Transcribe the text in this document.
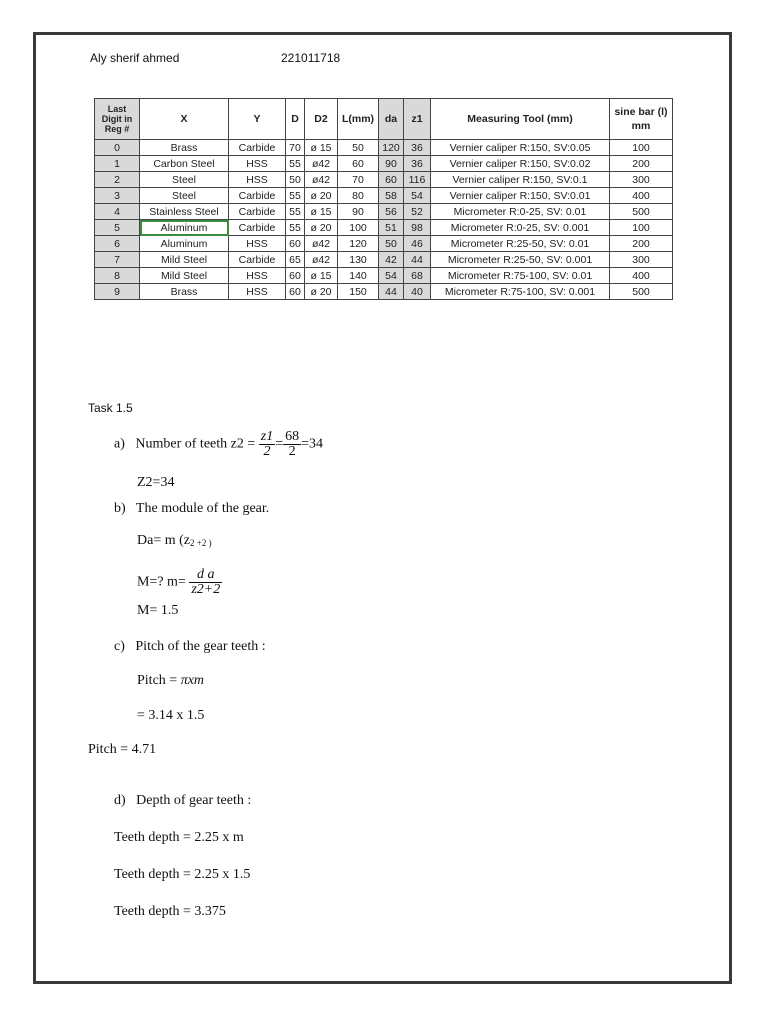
Aly sherif ahmed	221011718
Last Digit in Reg #	X	Y	D	D2	L(mm)	da	z1	Measuring Tool (mm)	sine bar (l) mm
0	Brass	Carbide	70	ø 15	50	120	36	Vernier caliper R:150, SV:0.05	100
1	Carbon Steel	HSS	55	ø42	60	90	36	Vernier caliper R:150, SV:0.02	200
2	Steel	HSS	50	ø42	70	60	116	Vernier caliper R:150, SV:0.1	300
3	Steel	Carbide	55	ø 20	80	58	54	Vernier caliper R:150, SV:0.01	400
4	Stainless Steel	Carbide	55	ø 15	90	56	52	Micrometer R:0-25, SV: 0.01	500
5	Aluminum	Carbide	55	ø 20	100	51	98	Micrometer R:0-25, SV: 0.001	100
6	Aluminum	HSS	60	ø42	120	50	46	Micrometer R:25-50, SV: 0.01	200
7	Mild Steel	Carbide	65	ø42	130	42	44	Micrometer R:25-50, SV: 0.001	300
8	Mild Steel	HSS	60	ø 15	140	54	68	Micrometer R:75-100, SV: 0.01	400
9	Brass	HSS	60	ø 20	150	44	40	Micrometer R:75-100, SV: 0.001	500
Task 1.5
a) Number of teeth $z2 = \frac{z1}{2} = \frac{68}{2} =34$
Z2=34
b) The module of the gear.
Da= m ($z_{2 +2 )}$
M=? $m= \frac{\text{d a}}{z2+2}$
M= 1.5
c) Pitch of the gear teeth :
Pitch = πxm
= 3.14 x 1.5
Pitch = 4.71
d) Depth of gear teeth :
Teeth depth = 2.25 x m
Teeth depth = 2.25 x 1.5
Teeth depth = 3.375
